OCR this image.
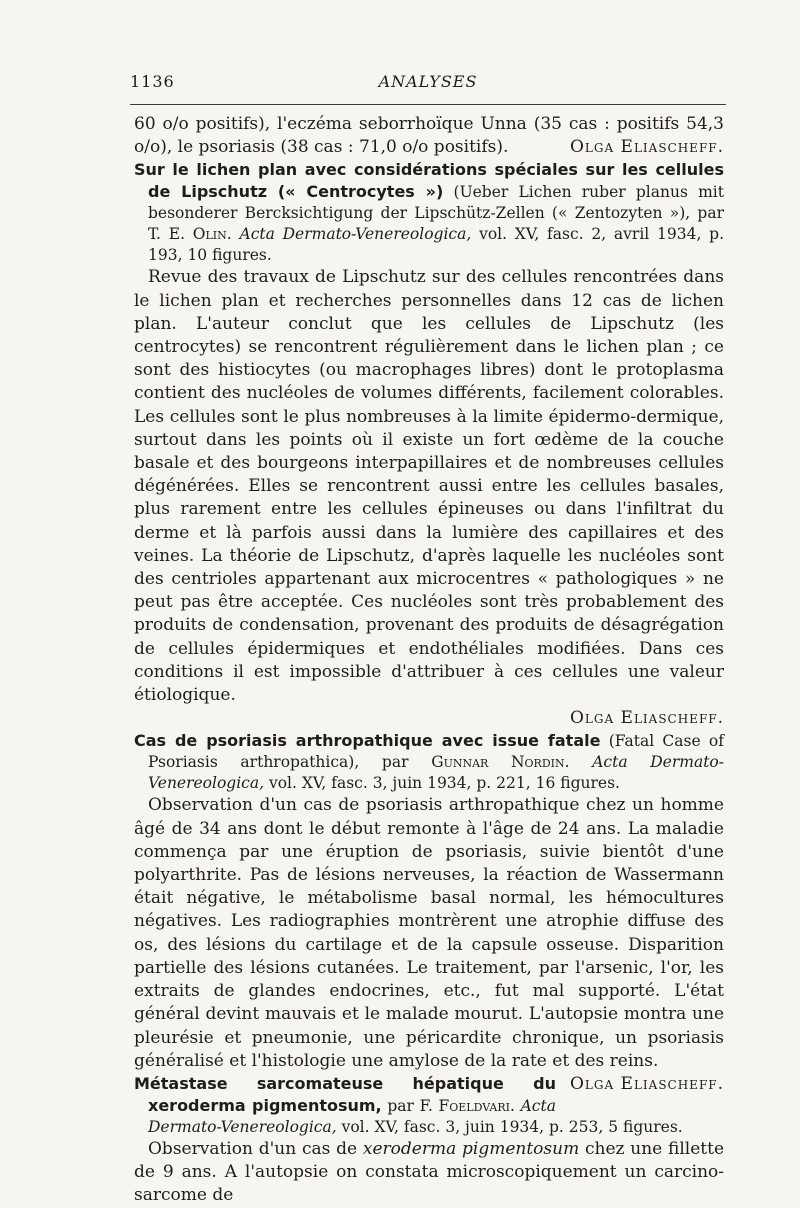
1136	ANALYSES

60 o/o positifs), l'eczéma seborrhoïque Unna (35 cas : positifs 54,3 o/o), le psoriasis (38 cas : 71,0 o/o positifs).	Olga Eliascheff.

Sur le lichen plan avec considérations spéciales sur les cellules de Lipschutz (« Centrocytes ») (Ueber Lichen ruber planus mit besonderer Bercksichtigung der Lipschütz-Zellen (« Zentozyten »), par T. E. Olin. Acta Dermato-Venereologica, vol. XV, fasc. 2, avril 1934, p. 193, 10 figures.

Revue des travaux de Lipschutz sur des cellules rencontrées dans le lichen plan et recherches personnelles dans 12 cas de lichen plan. L'auteur conclut que les cellules de Lipschutz (les centrocytes) se rencontrent régulièrement dans le lichen plan ; ce sont des histiocytes (ou macrophages libres) dont le protoplasma contient des nucléoles de volumes différents, facilement colorables. Les cellules sont le plus nombreuses à la limite épidermo-dermique, surtout dans les points où il existe un fort œdème de la couche basale et des bourgeons interpapillaires et de nombreuses cellules dégénérées. Elles se rencontrent aussi entre les cellules basales, plus rarement entre les cellules épineuses ou dans l'infiltrat du derme et là parfois aussi dans la lumière des capillaires et des veines. La théorie de Lipschutz, d'après laquelle les nucléoles sont des centrioles appartenant aux microcentres « pathologiques » ne peut pas être acceptée. Ces nucléoles sont très probablement des produits de condensation, provenant des produits de désagrégation de cellules épidermiques et endothéliales modifiées. Dans ces conditions il est impossible d'attribuer à ces cellules une valeur étiologique.

Olga Eliascheff.

Cas de psoriasis arthropathique avec issue fatale (Fatal Case of Psoriasis arthropathica), par Gunnar Nordin. Acta Dermato-Venereologica, vol. XV, fasc. 3, juin 1934, p. 221, 16 figures.

Observation d'un cas de psoriasis arthropathique chez un homme âgé de 34 ans dont le début remonte à l'âge de 24 ans. La maladie commença par une éruption de psoriasis, suivie bientôt d'une polyarthrite. Pas de lésions nerveuses, la réaction de Wassermann était négative, le métabolisme basal normal, les hémocultures négatives. Les radiographies montrèrent une atrophie diffuse des os, des lésions du cartilage et de la capsule osseuse. Disparition partielle des lésions cutanées. Le traitement, par l'arsenic, l'or, les extraits de glandes endocrines, etc., fut mal supporté. L'état général devint mauvais et le malade mourut. L'autopsie montra une pleurésie et pneumonie, une péricardite chronique, un psoriasis généralisé et l'histologie une amylose de la rate et des reins.
Olga Eliascheff.

Métastase sarcomateuse hépatique du xeroderma pigmentosum, par F. Foeldvari. Acta Dermato-Venereologica, vol. XV, fasc. 3, juin 1934, p. 253, 5 figures.

Observation d'un cas de xeroderma pigmentosum chez une fillette de 9 ans. A l'autopsie on constata microscopiquement un carcino-sarcome de
